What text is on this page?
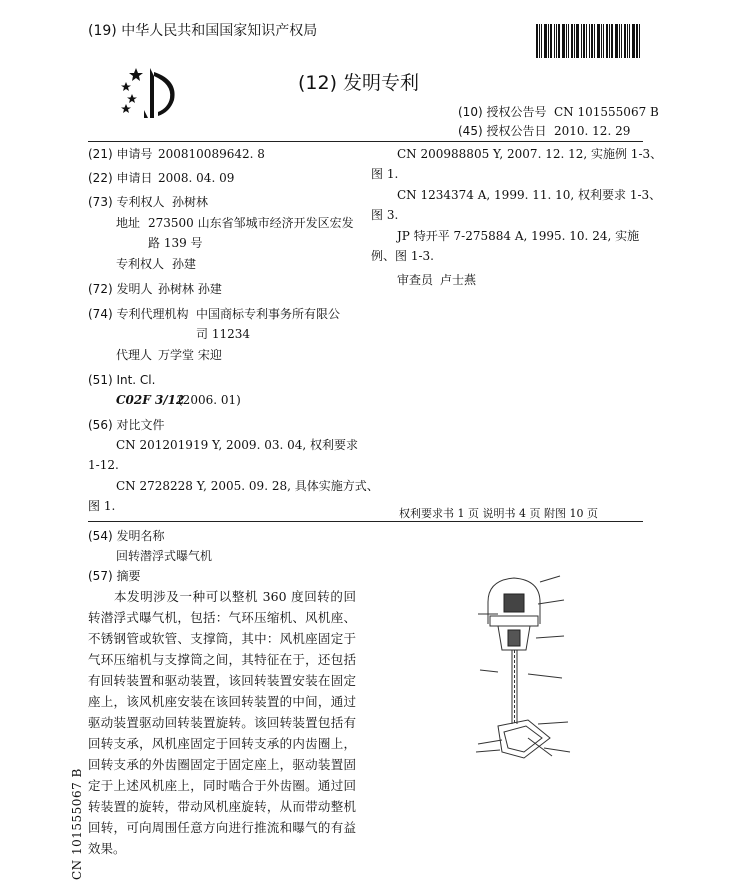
(19) 中华人民共和国国家知识产权局
(12) 发明专利
(10) 授权公告号 CN 101555067 B
(45) 授权公告日 2010. 12. 29
(21) 申请号 200810089642. 8
(22) 申请日 2008. 04. 09
(73) 专利权人 孙树林
地址 273500 山东省邹城市经济开发区宏发
路 139 号
专利权人 孙建
(72) 发明人 孙树林 孙建
(74) 专利代理机构 中国商标专利事务所有限公
司 11234
代理人 万学堂 宋迎
(51) Int. Cl.
C02F 3/12
(2006. 01)
(56) 对比文件
CN 201201919 Y, 2009. 03. 04, 权利要求
1-12.
CN 2728228 Y, 2005. 09. 28, 具体实施方式、
图 1.
CN 200988805 Y, 2007. 12. 12, 实施例 1-3、
图 1.
CN 1234374 A, 1999. 11. 10, 权利要求 1-3、
图 3.
JP 特开平 7-275884 A, 1995. 10. 24, 实施
例、图 1-3.
审查员 卢士燕
权利要求书 1 页 说明书 4 页 附图 10 页
(54) 发明名称
回转潜浮式曝气机
(57) 摘要
本发明涉及一种可以整机 360 度回转的回转潜浮式曝气机，包括：气环压缩机、风机座、不锈钢管或软管、支撑筒，其中：风机座固定于气环压缩机与支撑筒之间，其特征在于，还包括有回转装置和驱动装置，该回转装置安装在固定座上，该风机座安装在该回转装置的中间，通过驱动装置驱动回转装置旋转。该回转装置包括有回转支承，风机座固定于回转支承的内齿圈上，回转支承的外齿圈固定于固定座上，驱动装置固定于上述风机座上，同时啮合于外齿圈。通过回转装置的旋转，带动风机座旋转，从而带动整机回转，可向周围任意方向进行推流和曝气的有益效果。
CN 101555067 B
